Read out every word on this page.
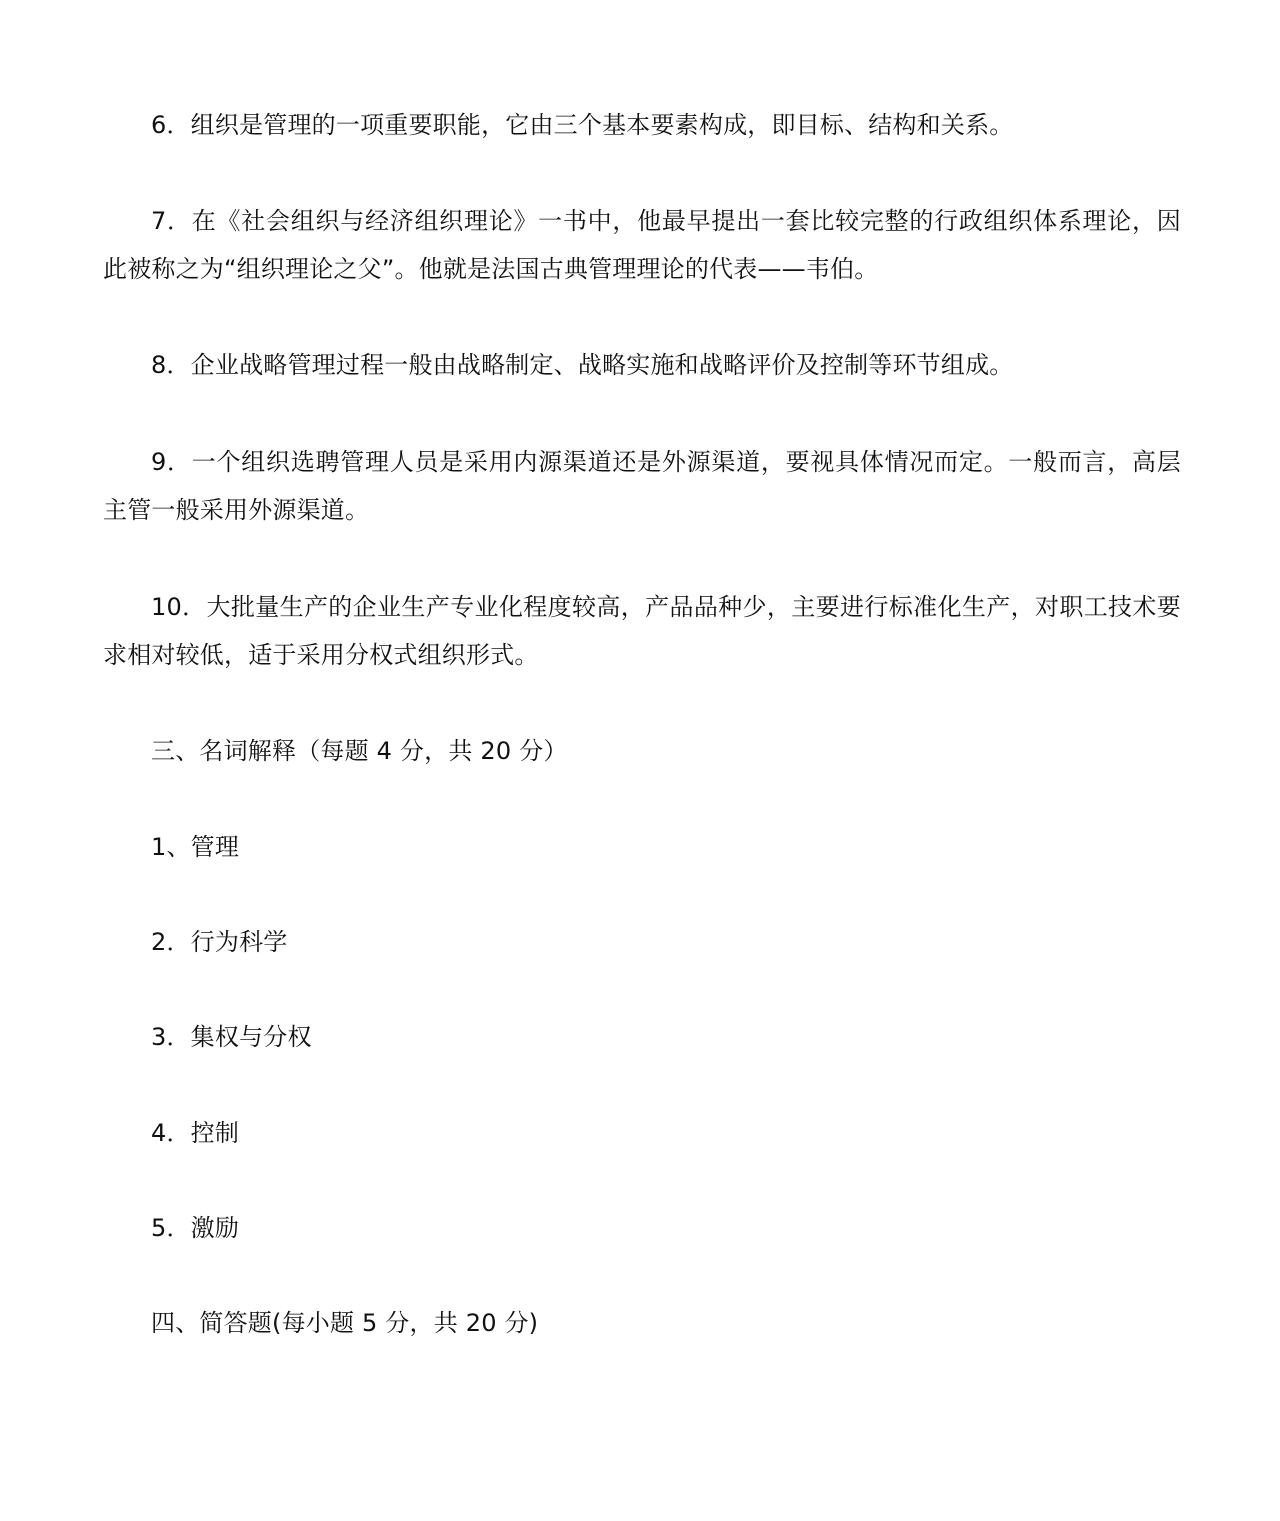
6．组织是管理的一项重要职能，它由三个基本要素构成，即目标、结构和关系。

7．在《社会组织与经济组织理论》一书中，他最早提出一套比较完整的行政组织体系理论，因此被称之为“组织理论之父”。他就是法国古典管理理论的代表——韦伯。

8．企业战略管理过程一般由战略制定、战略实施和战略评价及控制等环节组成。

9．一个组织选聘管理人员是采用内源渠道还是外源渠道，要视具体情况而定。一般而言，高层主管一般采用外源渠道。

10．大批量生产的企业生产专业化程度较高，产品品种少，主要进行标准化生产，对职工技术要求相对较低，适于采用分权式组织形式。

三、名词解释（每题 4 分，共 20 分）

1、管理

2．行为科学

3．集权与分权

4．控制

5．激励

四、简答题(每小题 5 分，共 20 分)
